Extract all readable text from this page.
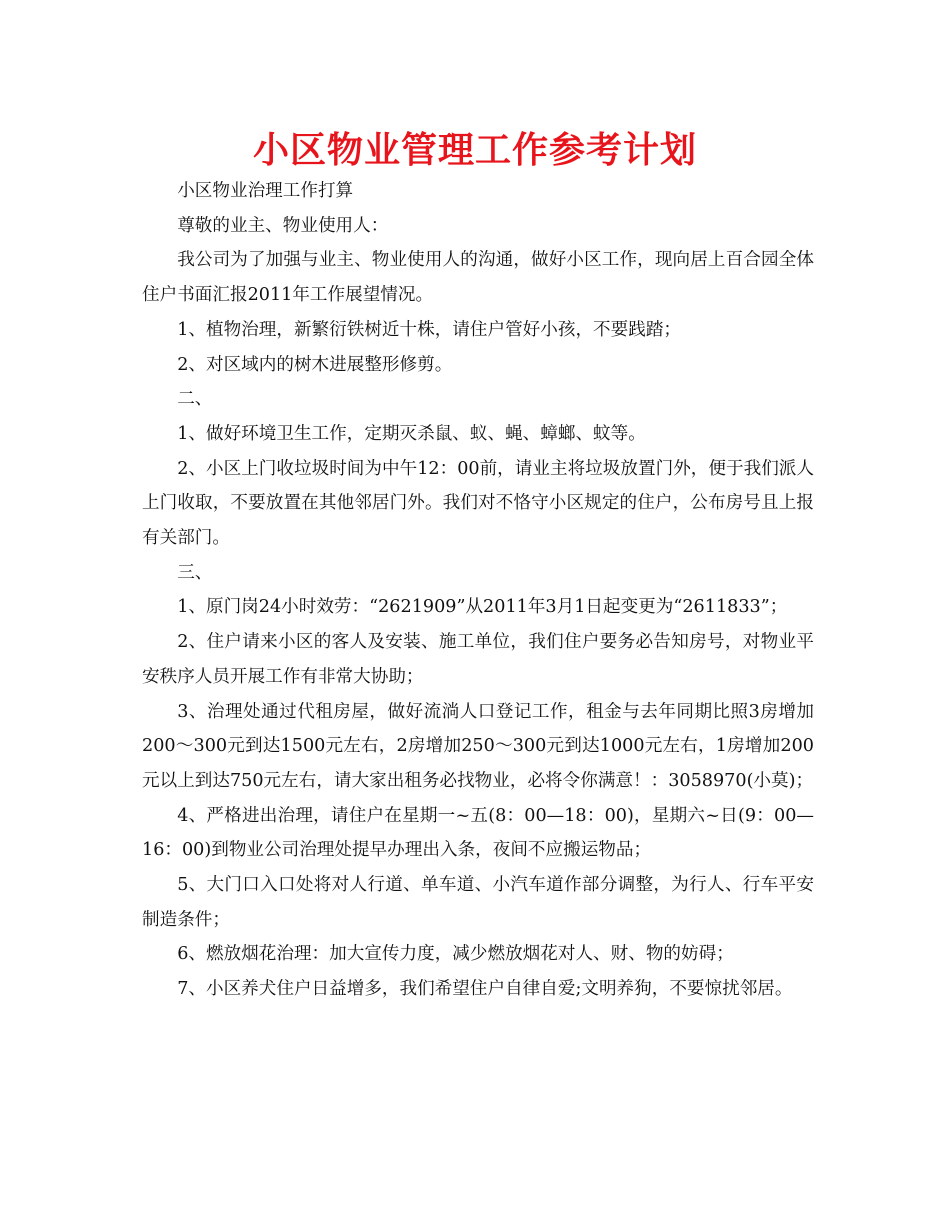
小区物业管理工作参考计划

小区物业治理工作打算

尊敬的业主、物业使用人：

我公司为了加强与业主、物业使用人的沟通，做好小区工作，现向居上百合园全体住户书面汇报2011年工作展望情况。

1、植物治理，新繁衍铁树近十株，请住户管好小孩，不要践踏；

2、对区域内的树木进展整形修剪。

二、

1、做好环境卫生工作，定期灭杀鼠、蚁、蝇、蟑螂、蚊等。

2、小区上门收垃圾时间为中午12：00前，请业主将垃圾放置门外，便于我们派人上门收取，不要放置在其他邻居门外。我们对不恪守小区规定的住户，公布房号且上报有关部门。

三、

1、原门岗24小时效劳：“2621909”从2011年3月1日起变更为“2611833”；

2、住户请来小区的客人及安装、施工单位，我们住户要务必告知房号，对物业平安秩序人员开展工作有非常大协助；

3、治理处通过代租房屋，做好流淌人口登记工作，租金与去年同期比照3房增加200～300元到达1500元左右，2房增加250～300元到达1000元左右，1房增加200元以上到达750元左右，请大家出租务必找物业，必将令你满意！：3058970(小莫)；

4、严格进出治理，请住户在星期一~五(8：00—18：00)，星期六~日(9：00—16：00)到物业公司治理处提早办理出入条，夜间不应搬运物品；

5、大门口入口处将对人行道、单车道、小汽车道作部分调整，为行人、行车平安制造条件；

6、燃放烟花治理：加大宣传力度，减少燃放烟花对人、财、物的妨碍；

7、小区养犬住户日益增多，我们希望住户自律自爱;文明养狗，不要惊扰邻居。
